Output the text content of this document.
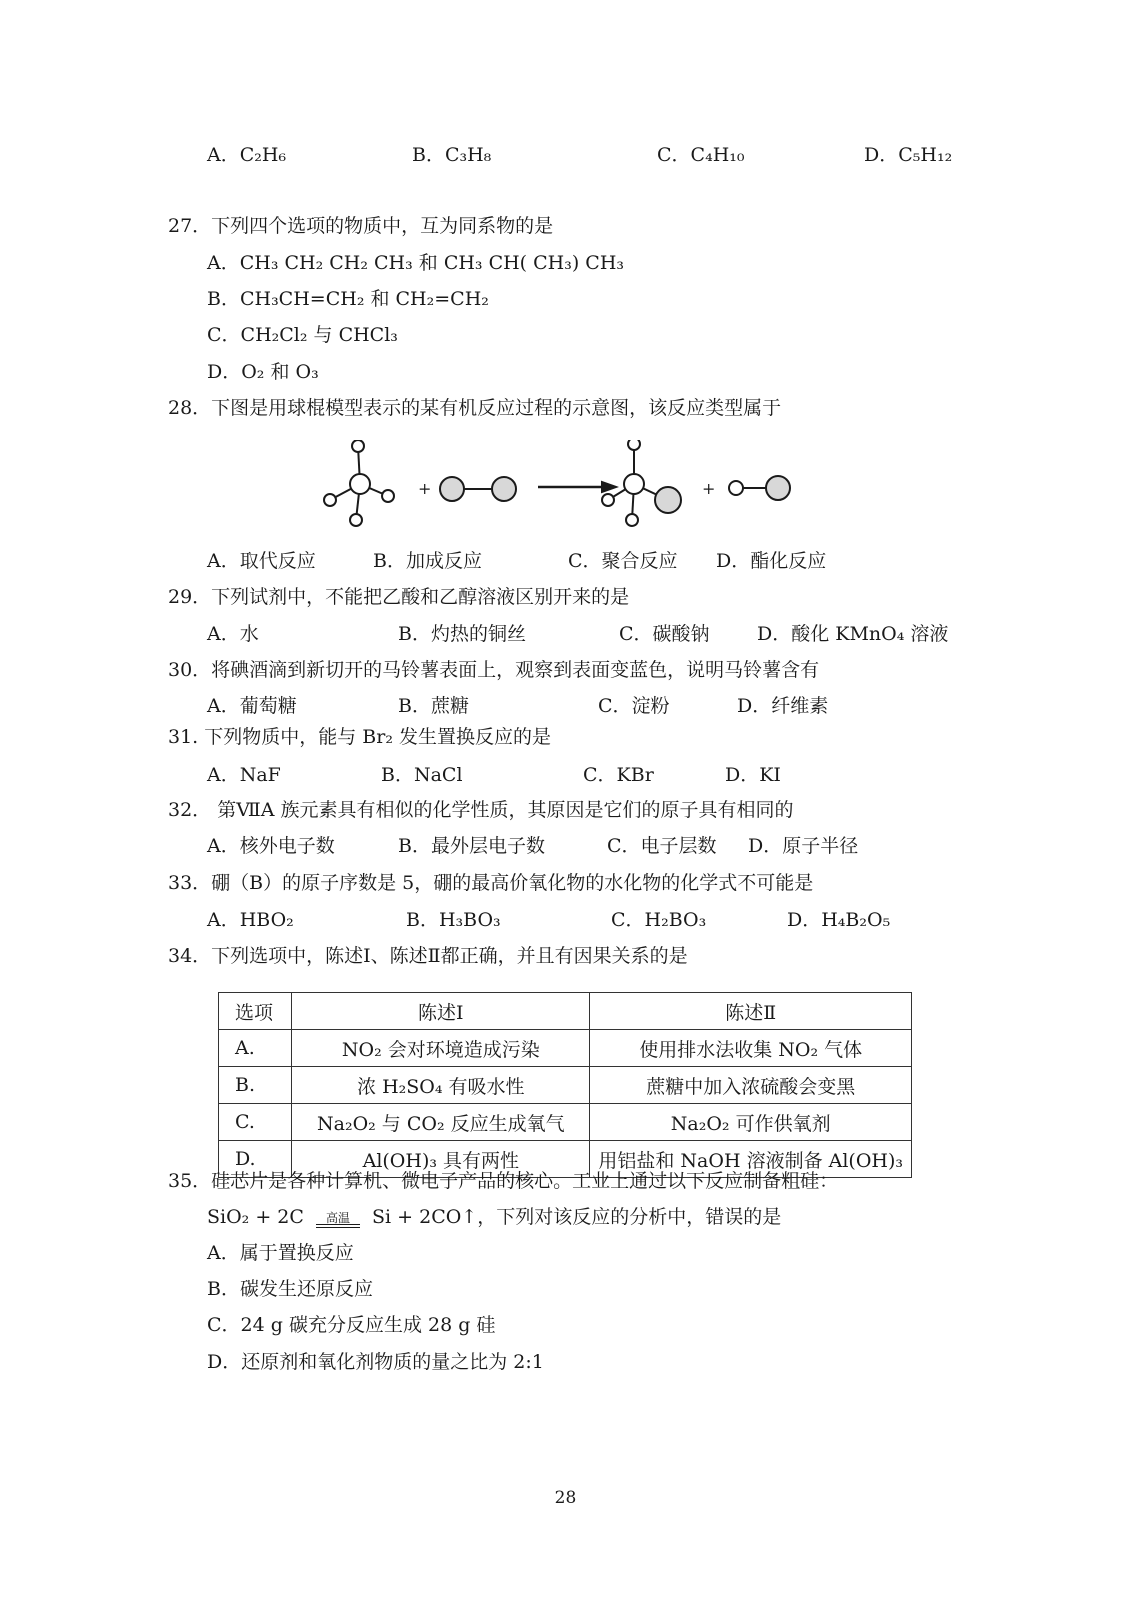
A．C₂H₆	B．C₃H₈	C．C₄H₁₀	D．C₅H₁₂
27．下列四个选项的物质中，互为同系物的是
A．CH₃ CH₂ CH₂ CH₃ 和 CH₃ CH( CH₃) CH₃
B．CH₃CH=CH₂ 和 CH₂=CH₂
C．CH₂Cl₂ 与 CHCl₃
D．O₂ 和 O₃
28．下图是用球棍模型表示的某有机反应过程的示意图，该反应类型属于
+	+
A．取代反应	B．加成反应	C．聚合反应 D．酯化反应
29．下列试剂中，不能把乙酸和乙醇溶液区别开来的是
A．水	B．灼热的铜丝	C．碳酸钠 D．酸化 KMnO₄ 溶液
30．将碘酒滴到新切开的马铃薯表面上，观察到表面变蓝色，说明马铃薯含有
A．葡萄糖	B．蔗糖	C．淀粉	D．纤维素
31. 下列物质中，能与 Br₂ 发生置换反应的是
A．NaF	B．NaCl	C．KBr	D．KI
32． 第ⅦA 族元素具有相似的化学性质，其原因是它们的原子具有相同的
A．核外电子数	B．最外层电子数	C．电子层数 D．原子半径
33．硼（B）的原子序数是 5，硼的最高价氧化物的水化物的化学式不可能是
A．HBO₂	B．H₃BO₃	C．H₂BO₃	D．H₄B₂O₅
34．下列选项中，陈述Ⅰ、陈述Ⅱ都正确，并且有因果关系的是
选项	陈述Ⅰ	陈述Ⅱ
A.	NO₂ 会对环境造成污染	使用排水法收集 NO₂ 气体
B.	浓 H₂SO₄ 有吸水性	蔗糖中加入浓硫酸会变黑
C.	Na₂O₂ 与 CO₂ 反应生成氧气	Na₂O₂ 可作供氧剂
D.	Al(OH)₃ 具有两性	用铝盐和 NaOH 溶液制备 Al(OH)₃
35．硅芯片是各种计算机、微电子产品的核心。工业上通过以下反应制备粗硅：
SiO₂ + 2C 高温 Si + 2CO↑，下列对该反应的分析中，错误的是
A．属于置换反应
B．碳发生还原反应
C．24 g 碳充分反应生成 28 g 硅
D．还原剂和氧化剂物质的量之比为 2:1
28
